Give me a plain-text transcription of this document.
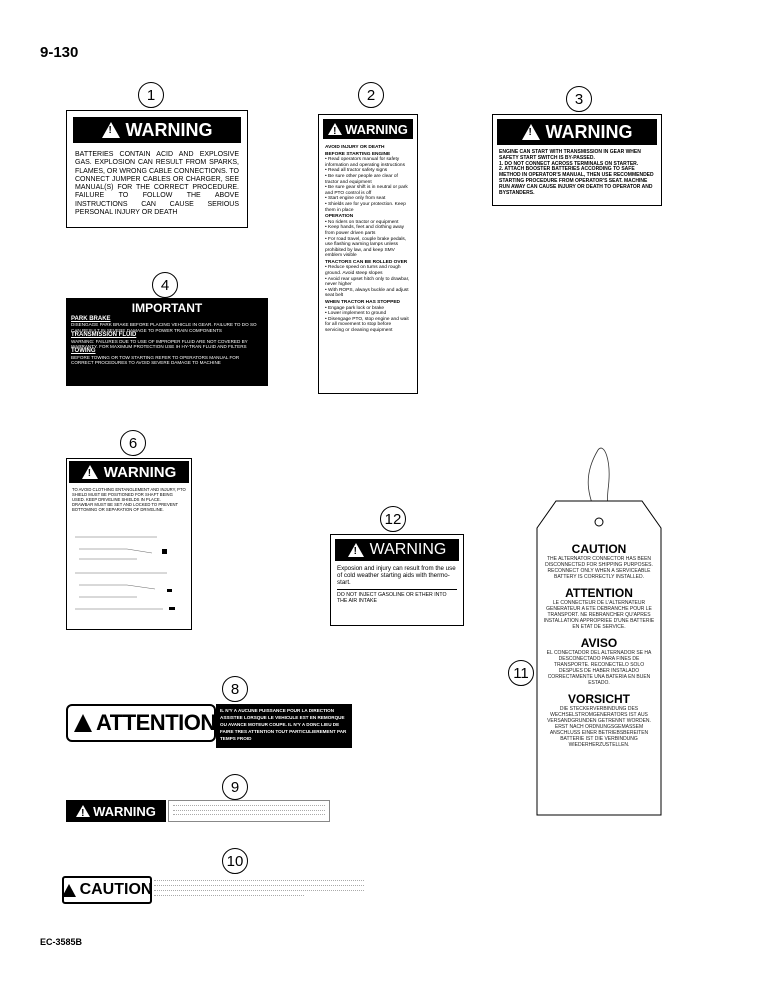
9-130
1
!
WARNING
BATTERIES CONTAIN ACID AND EXPLOSIVE GAS. EXPLOSION CAN RESULT FROM SPARKS, FLAMES, OR WRONG CABLE CONNECTIONS. TO CONNECT JUMPER CABLES OR CHARGER, SEE MANUAL(S) FOR THE CORRECT PROCEDURE. FAILURE TO FOLLOW THE ABOVE INSTRUCTIONS CAN CAUSE SERIOUS PERSONAL INJURY OR DEATH
2
!
WARNING
AVOID INJURY OR DEATH
BEFORE STARTING ENGINE
• Read operators manual for safety information and operating instructions
• Read all tractor safety signs
• Be sure other people are clear of tractor and equipment
• Be sure gear shift is in neutral or park and PTO control is off
• Start engine only from seat
• Shields are for your protection. Keep them in place
OPERATION
• No riders on tractor or equipment
• Keep hands, feet and clothing away from power driven parts
• For road travel, couple brake pedals, use flashing warning lamps unless prohibited by law, and keep SMV emblem visible
TRACTORS CAN BE ROLLED OVER
• Reduce speed on turns and rough ground. Avoid steep slopes
• Avoid rear upset hitch only to drawbar, never higher
• With ROPS, always buckle and adjust seat belt
WHEN TRACTOR HAS STOPPED
• Engage park lock or brake
• Lower implement to ground
• Disengage PTO, stop engine and wait for all movement to stop before servicing or cleaning equipment
3
!
WARNING
ENGINE CAN START WITH TRANSMISSION IN GEAR WHEN SAFETY START SWITCH IS BY-PASSED.
1. DO NOT CONNECT ACROSS TERMINALS ON STARTER.
2. ATTACH BOOSTER BATTERIES ACCORDING TO SAFE METHOD IN OPERATOR'S MANUAL, THEN USE RECOMMENDED STARTING PROCEDURE FROM OPERATOR'S SEAT. MACHINE RUN AWAY CAN CAUSE INJURY OR DEATH TO OPERATOR AND BYSTANDERS.
4
IMPORTANT
PARK BRAKE
DISENGAGE PARK BRAKE BEFORE PLACING VEHICLE IN GEAR. FAILURE TO DO SO CAN RESULT IN SEVERE DAMAGE TO POWER TRAIN COMPONENTS
TRANSMISSION FLUID
WARNING: FAILURES DUE TO USE OF IMPROPER FLUID ARE NOT COVERED BY WARRANTY. FOR MAXIMUM PROTECTION USE IH HY-TRAN FLUID AND FILTERS
TOWING
BEFORE TOWING OR TOW STARTING REFER TO OPERATORS MANUAL FOR CORRECT PROCEDURES TO AVOID SEVERE DAMAGE TO MACHINE
6
!
WARNING
TO AVOID CLOTHING ENTANGLEMENT AND INJURY, PTO SHIELD MUST BE POSITIONED FOR SHAFT BEING USED. KEEP DRIVELINE SHIELDS IN PLACE.
DRAWBAR MUST BE SET AND LOCKED TO PREVENT BOTTOMING OR SEPARATION OF DRIVELINE.
12
!
WARNING
Exposion and injury can result from the use of cold weather starting aids with thermo-start.
DO NOT INJECT GASOLINE OR ETHER INTO THE AIR INTAKE
11
CAUTION
THE ALTERNATOR CONNECTOR HAS BEEN DISCONNECTED FOR SHIPPING PURPOSES. RECONNECT ONLY WHEN A SERVICEABLE BATTERY IS CORRECTLY INSTALLED.
ATTENTION
LE CONNECTEUR DE L'ALTERNATEUR GENERATEUR A ETE DEBRANCHE POUR LE TRANSPORT. NE REBRANCHER QU'APRES INSTALLATION APPROPRIEE D'UNE BATTERIE EN ETAT DE SERVICE.
AVISO
EL CONECTADOR DEL ALTERNADOR SE HA DESCONECTADO PARA FINES DE TRANSPORTE. RECONECTELO SOLO DESPUES DE HABER INSTALADO CORRECTAMENTE UNA BATERIA EN BUEN ESTADO.
VORSICHT
DIE STECKERVERBINDUNG DES WECHSELSTROMGENERATORS IST AUS VERSANDGRUNDEN GETRENNT WORDEN. ERST NACH ORDNUNGSGEMASSEM ANSCHLUSS EINER BETRIEBSBEREITEN BATTERIE IST DIE VERBINDUNG WIEDERHERZUSTELLEN.
8
ATTENTION IL N'Y A AUCUNE PUISSANCE POUR LA DIRECTION ASSISTEE LORSQUE LE VEHICULE EST EN REMORQUE OU AVANCE MOTEUR COUPE. IL N'Y A DONC LIEU DE FAIRE TRES ATTENTION TOUT PARTICULIEREMENT PAR TEMPS FROID
9
!
WARNING
10
CAUTION
EC-3585B
